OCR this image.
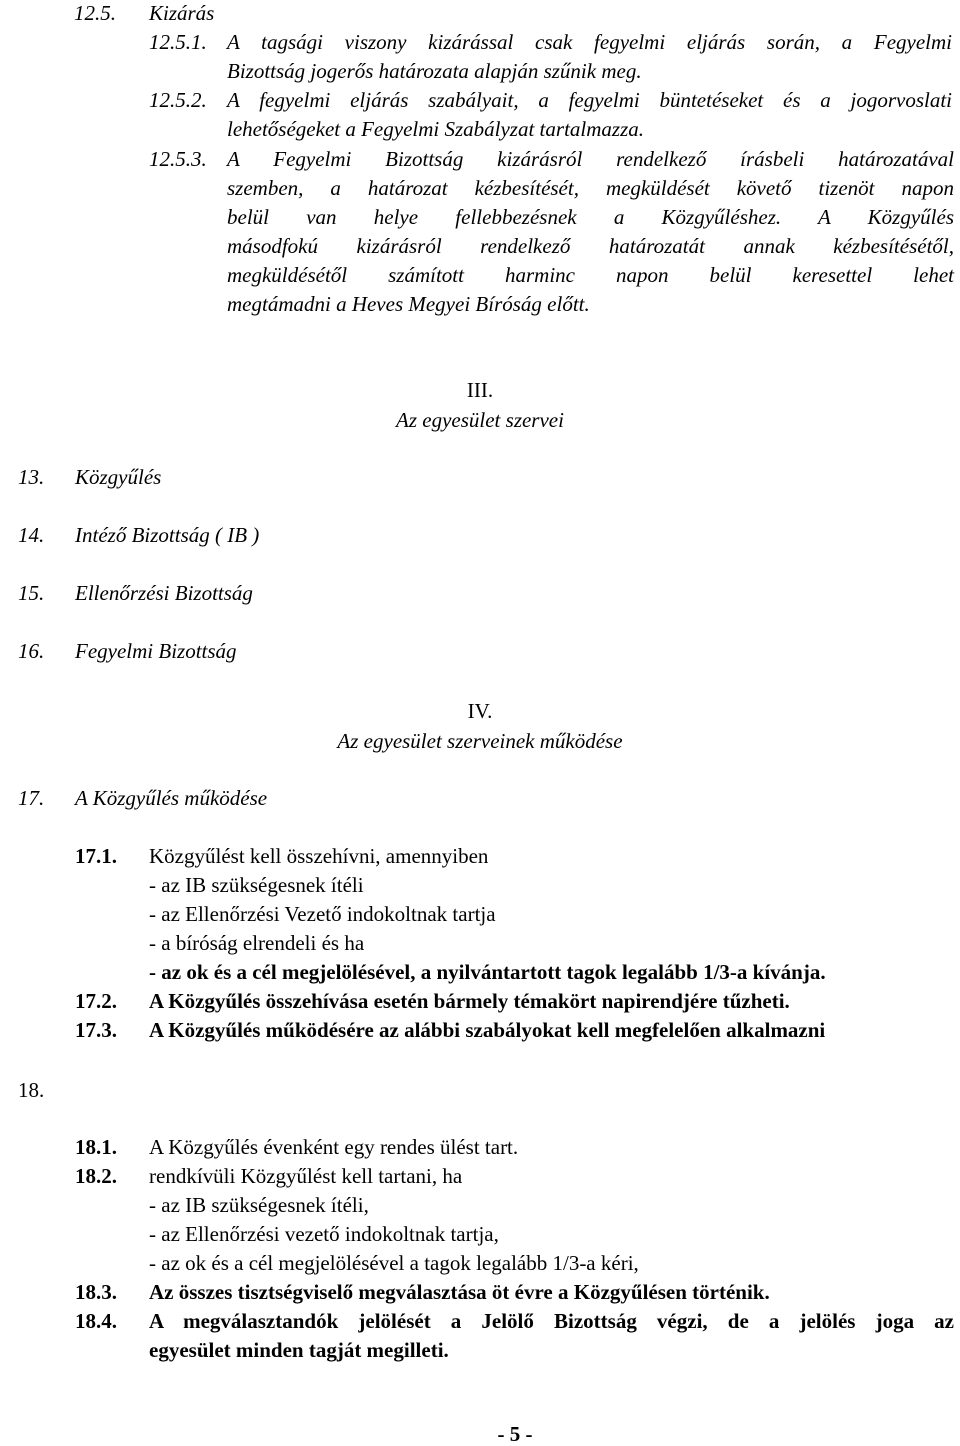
12.5. Kizárás
12.5.1. A tagsági viszony kizárással csak fegyelmi eljárás során, a Fegyelmi
Bizottság jogerős határozata alapján szűnik meg.
12.5.2. A fegyelmi eljárás szabályait, a fegyelmi büntetéseket és a jogorvoslati
lehetőségeket a Fegyelmi Szabályzat tartalmazza.
12.5.3. A Fegyelmi Bizottság kizárásról rendelkező írásbeli határozatával
szemben, a határozat kézbesítését, megküldését követő tizenöt napon
belül van helye fellebbezésnek a Közgyűléshez. A Közgyűlés
másodfokú kizárásról rendelkező határozatát annak kézbesítésétől,
megküldésétől számított harminc napon belül keresettel lehet
megtámadni a Heves Megyei Bíróság előtt.
III.
Az egyesület szervei
13. Közgyűlés
14. Intéző Bizottság ( IB )
15. Ellenőrzési Bizottság
16. Fegyelmi Bizottság
IV.
Az egyesület szerveinek működése
17. A Közgyűlés működése
17.1. Közgyűlést kell összehívni, amennyiben
- az IB szükségesnek ítéli
- az Ellenőrzési Vezető indokoltnak tartja
- a bíróság elrendeli és ha
- az ok és a cél megjelölésével, a nyilvántartott tagok legalább 1/3-a kívánja.
17.2. A Közgyűlés összehívása esetén bármely témakört napirendjére tűzheti.
17.3. A Közgyűlés működésére az alábbi szabályokat kell megfelelően alkalmazni
18.
18.1. A Közgyűlés évenként egy rendes ülést tart.
18.2. rendkívüli Közgyűlést kell tartani, ha
- az IB szükségesnek ítéli,
- az Ellenőrzési vezető indokoltnak tartja,
- az ok és a cél megjelölésével a tagok legalább 1/3-a kéri,
18.3. Az összes tisztségviselő megválasztása öt évre a Közgyűlésen történik.
18.4. A megválasztandók jelölését a Jelölő Bizottság végzi, de a jelölés joga az
egyesület minden tagját megilleti.
- 5 -
